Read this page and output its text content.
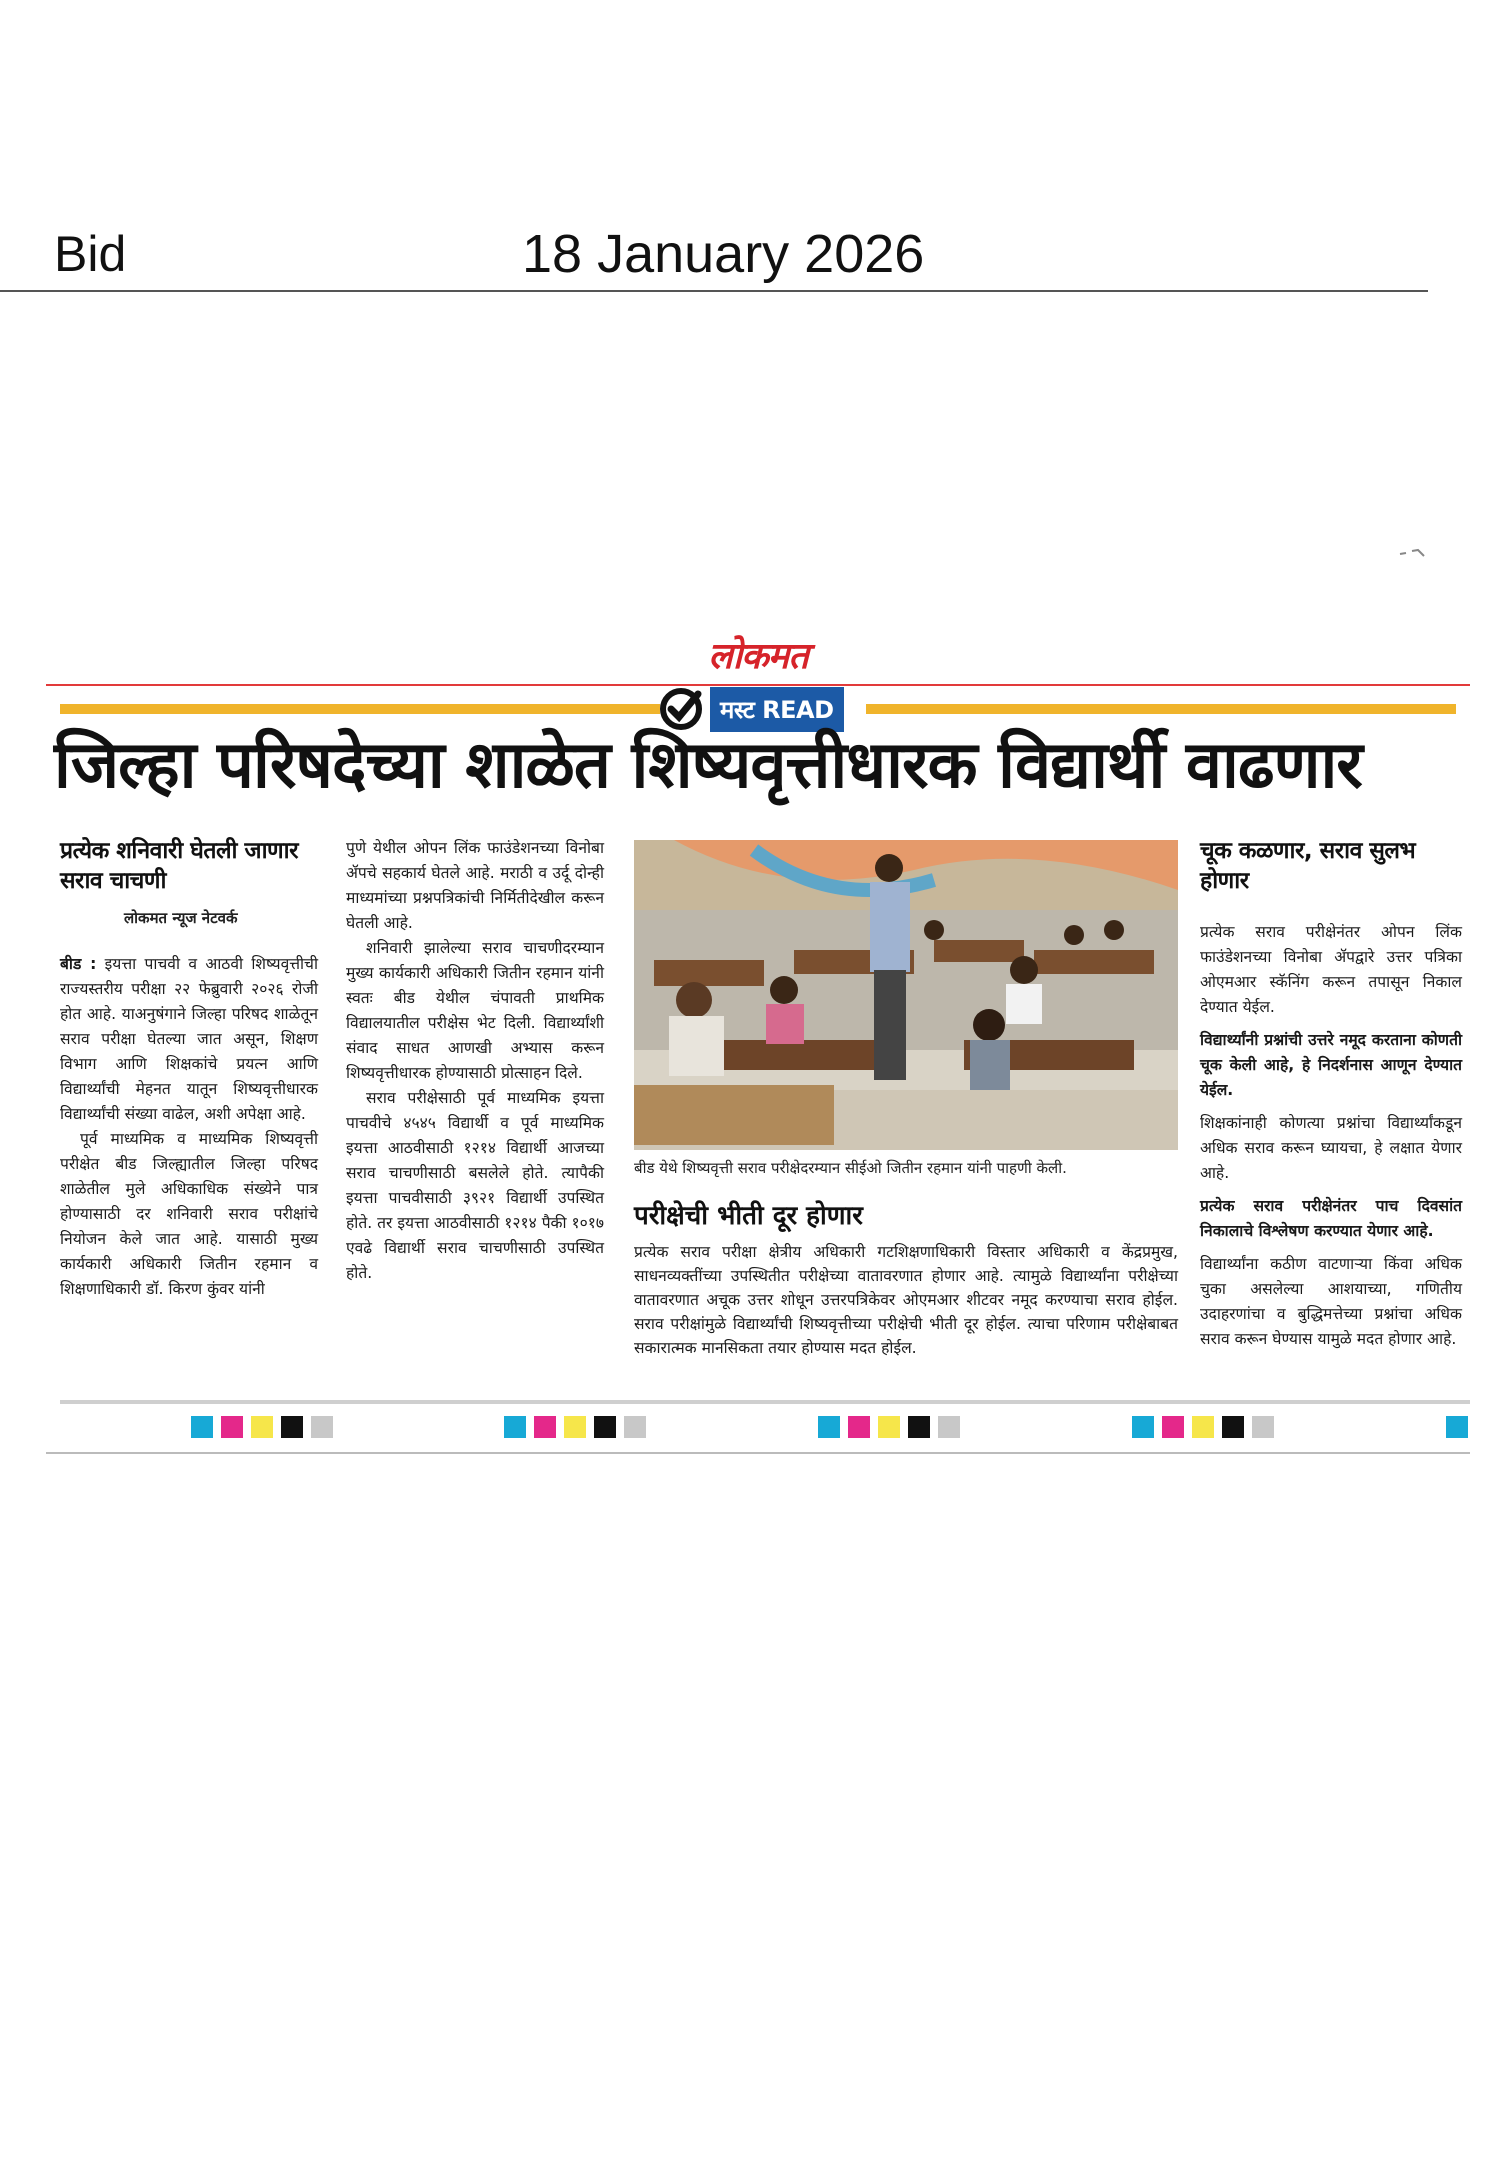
Bid	18 January 2026
लोकमत
मस्ट READ
जिल्हा परिषदेच्या शाळेत शिष्यवृत्तीधारक विद्यार्थी वाढणार
प्रत्येक शनिवारी घेतली जाणार सराव चाचणी
लोकमत न्यूज नेटवर्क

बीड : इयत्ता पाचवी व आठवी शिष्यवृत्तीची राज्यस्तरीय परीक्षा २२ फेब्रुवारी २०२६ रोजी होत आहे. याअनुषंगाने जिल्हा परिषद शाळेतून सराव परीक्षा घेतल्या जात असून, शिक्षण विभाग आणि शिक्षकांचे प्रयत्न आणि विद्यार्थ्यांची मेहनत यातून शिष्यवृत्तीधारक विद्यार्थ्यांची संख्या वाढेल, अशी अपेक्षा आहे.

पूर्व माध्यमिक व माध्यमिक शिष्यवृत्ती परीक्षेत बीड जिल्ह्यातील जिल्हा परिषद शाळेतील मुले अधिकाधिक संख्येने पात्र होण्यासाठी दर शनिवारी सराव परीक्षांचे नियोजन केले जात आहे. यासाठी मुख्य कार्यकारी अधिकारी जितीन रहमान व शिक्षणाधिकारी डॉ. किरण कुंवर यांनी

पुणे येथील ओपन लिंक फाउंडेशनच्या विनोबा ॲपचे सहकार्य घेतले आहे. मराठी व उर्दू दोन्ही माध्यमांच्या प्रश्नपत्रिकांची निर्मितीदेखील करून घेतली आहे.

शनिवारी झालेल्या सराव चाचणीदरम्यान मुख्य कार्यकारी अधिकारी जितीन रहमान यांनी स्वतः बीड येथील चंपावती प्राथमिक विद्यालयातील परीक्षेस भेट दिली. विद्यार्थ्यांशी संवाद साधत आणखी अभ्यास करून शिष्यवृत्तीधारक होण्यासाठी प्रोत्साहन दिले.

सराव परीक्षेसाठी पूर्व माध्यमिक इयत्ता पाचवीचे ४५४५ विद्यार्थी व पूर्व माध्यमिक इयत्ता आठवीसाठी १२१४ विद्यार्थी आजच्या सराव चाचणीसाठी बसलेले होते. त्यापैकी इयत्ता पाचवीसाठी ३९२१ विद्यार्थी उपस्थित होते. तर इयत्ता आठवीसाठी १२१४ पैकी १०१७ एवढे विद्यार्थी सराव चाचणीसाठी उपस्थित होते.

बीड येथे शिष्यवृत्ती सराव परीक्षेदरम्यान सीईओ जितीन रहमान यांनी पाहणी केली.
परीक्षेची भीती दूर होणार
प्रत्येक सराव परीक्षा क्षेत्रीय अधिकारी गटशिक्षणाधिकारी विस्तार अधिकारी व केंद्रप्रमुख, साधनव्यक्तींच्या उपस्थितीत परीक्षेच्या वातावरणात होणार आहे. त्यामुळे विद्यार्थ्यांना परीक्षेच्या वातावरणात अचूक उत्तर शोधून उत्तरपत्रिकेवर ओएमआर शीटवर नमूद करण्याचा सराव होईल. सराव परीक्षांमुळे विद्यार्थ्यांची शिष्यवृत्तीच्या परीक्षेची भीती दूर होईल. त्याचा परिणाम परीक्षेबाबत सकारात्मक मानसिकता तयार होण्यास मदत होईल.
चूक कळणार, सराव सुलभ होणार

प्रत्येक सराव परीक्षेनंतर ओपन लिंक फाउंडेशनच्या विनोबा ॲपद्वारे उत्तर पत्रिका ओएमआर स्कॅनिंग करून तपासून निकाल देण्यात येईल.

विद्यार्थ्यांनी प्रश्नांची उत्तरे नमूद करताना कोणती चूक केली आहे, हे निदर्शनास आणून देण्यात येईल.

शिक्षकांनाही कोणत्या प्रश्नांचा विद्यार्थ्यांकडून अधिक सराव करून घ्यायचा, हे लक्षात येणार आहे.

प्रत्येक सराव परीक्षेनंतर पाच दिवसांत निकालाचे विश्लेषण करण्यात येणार आहे.

विद्यार्थ्यांना कठीण वाटणाऱ्या किंवा अधिक चुका असलेल्या आशयाच्या, गणितीय उदाहरणांचा व बुद्धिमत्तेच्या प्रश्नांचा अधिक सराव करून घेण्यास यामुळे मदत होणार आहे.
